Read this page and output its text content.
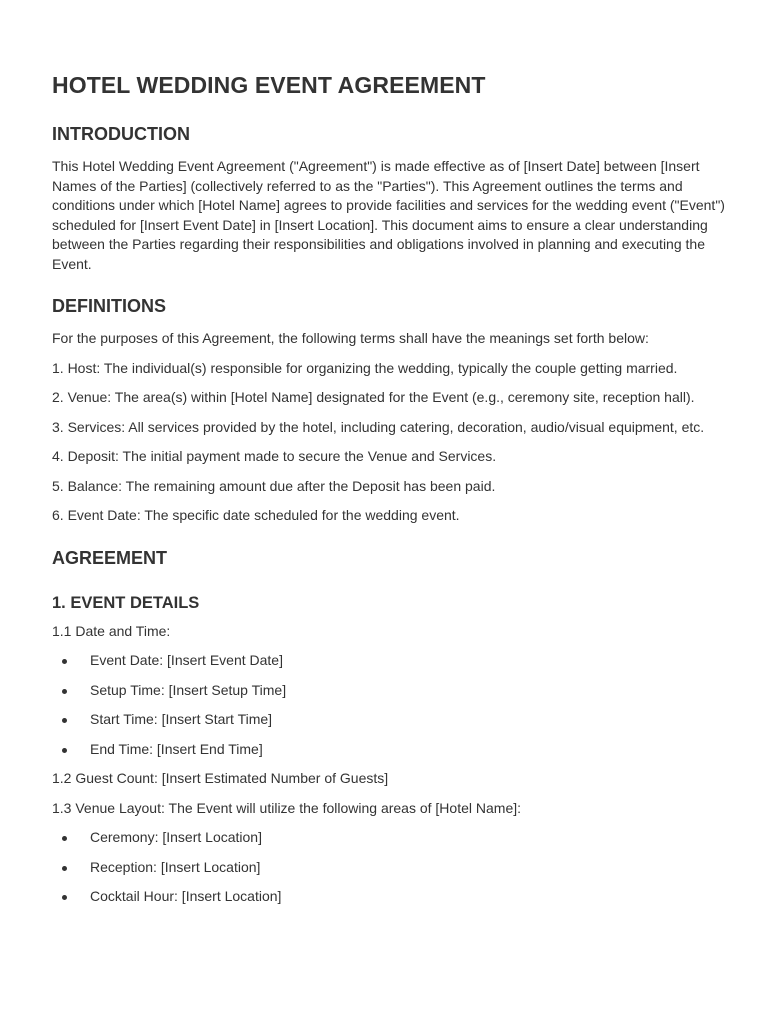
HOTEL WEDDING EVENT AGREEMENT
INTRODUCTION

This Hotel Wedding Event Agreement ("Agreement") is made effective as of [Insert Date] between [Insert Names of the Parties] (collectively referred to as the "Parties"). This Agreement outlines the terms and conditions under which [Hotel Name] agrees to provide facilities and services for the wedding event ("Event") scheduled for [Insert Event Date] in [Insert Location]. This document aims to ensure a clear understanding between the Parties regarding their responsibilities and obligations involved in planning and executing the Event.

DEFINITIONS

For the purposes of this Agreement, the following terms shall have the meanings set forth below:

1. Host: The individual(s) responsible for organizing the wedding, typically the couple getting married.

2. Venue: The area(s) within [Hotel Name] designated for the Event (e.g., ceremony site, reception hall).

3. Services: All services provided by the hotel, including catering, decoration, audio/visual equipment, etc.

4. Deposit: The initial payment made to secure the Venue and Services.

5. Balance: The remaining amount due after the Deposit has been paid.

6. Event Date: The specific date scheduled for the wedding event.

AGREEMENT
1. EVENT DETAILS

1.1 Date and Time:

Event Date: [Insert Event Date]
Setup Time: [Insert Setup Time]
Start Time: [Insert Start Time]
End Time: [Insert End Time]

1.2 Guest Count: [Insert Estimated Number of Guests]

1.3 Venue Layout: The Event will utilize the following areas of [Hotel Name]:

Ceremony: [Insert Location]
Reception: [Insert Location]
Cocktail Hour: [Insert Location]
